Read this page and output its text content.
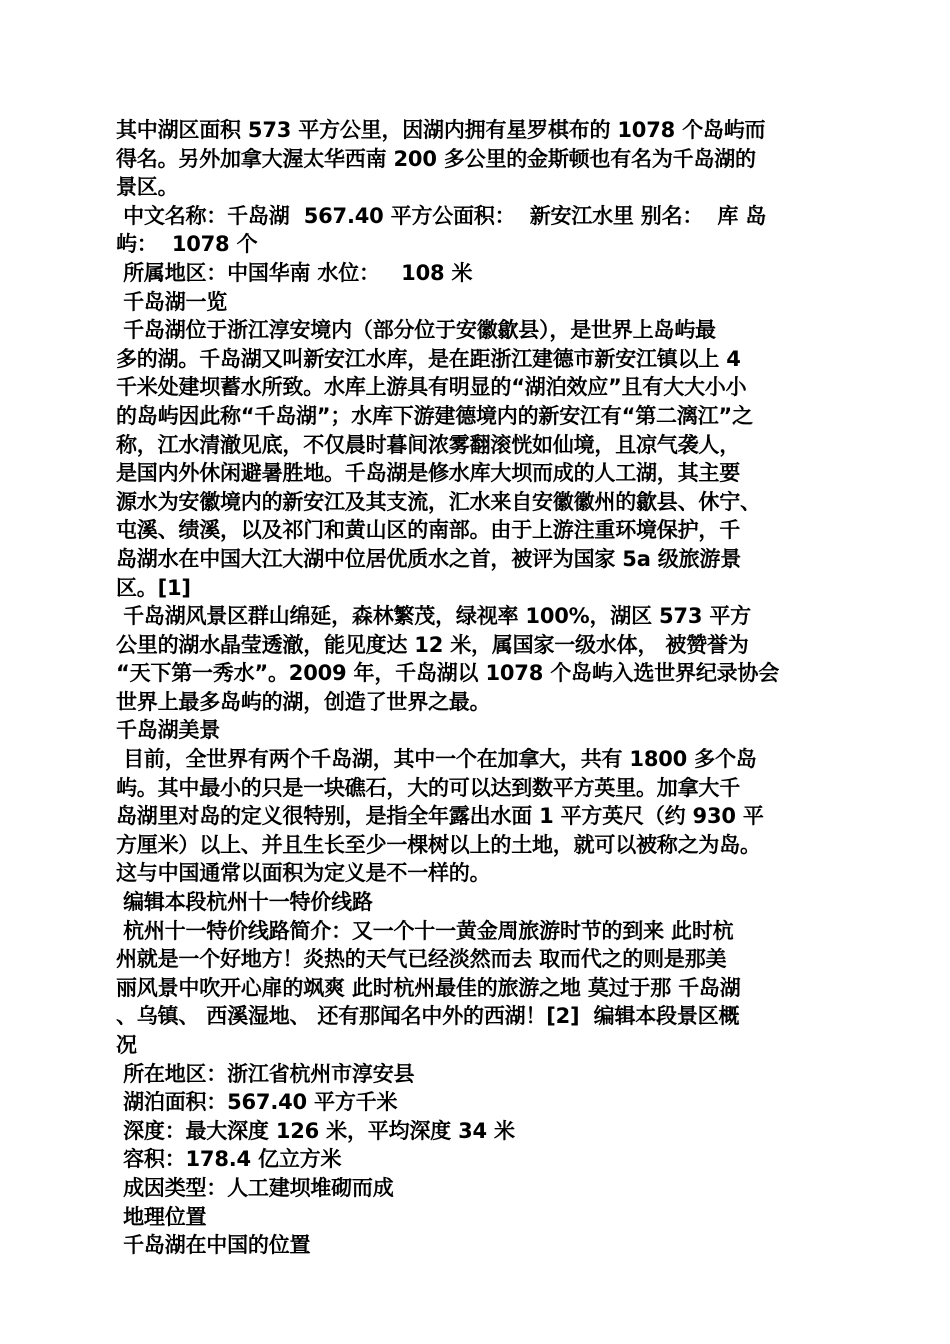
其中湖区面积 573 平方公里，因湖内拥有星罗棋布的 1078 个岛屿而
得名。另外加拿大渥太华西南 200 多公里的金斯顿也有名为千岛湖的
景区。
中文名称：千岛湖  567.40 平方公面积：  新安江水里 别名：  库 岛
屿：  1078 个
所属地区：中国华南 水位：   108 米
千岛湖一览
千岛湖位于浙江淳安境内（部分位于安徽歙县），是世界上岛屿最
多的湖。千岛湖又叫新安江水库，是在距浙江建德市新安江镇以上 4
千米处建坝蓄水所致。水库上游具有明显的“湖泊效应”且有大大小小
的岛屿因此称“千岛湖”；水库下游建德境内的新安江有“第二漓江”之
称，江水清澈见底，不仅晨时暮间浓雾翻滚恍如仙境，且凉气袭人，
是国内外休闲避暑胜地。千岛湖是修水库大坝而成的人工湖，其主要
源水为安徽境内的新安江及其支流，汇水来自安徽徽州的歙县、休宁、
屯溪、绩溪，以及祁门和黄山区的南部。由于上游注重环境保护，千
岛湖水在中国大江大湖中位居优质水之首，被评为国家 5a 级旅游景
区。[1]
千岛湖风景区群山绵延，森林繁茂，绿视率 100%，湖区 573 平方
公里的湖水晶莹透澈，能见度达 12 米，属国家一级水体， 被赞誉为
“天下第一秀水”。2009 年，千岛湖以 1078 个岛屿入选世界纪录协会
世界上最多岛屿的湖，创造了世界之最。
千岛湖美景
目前，全世界有两个千岛湖，其中一个在加拿大，共有 1800 多个岛
屿。其中最小的只是一块礁石，大的可以达到数平方英里。加拿大千
岛湖里对岛的定义很特别，是指全年露出水面 1 平方英尺（约 930 平
方厘米）以上、并且生长至少一棵树以上的土地，就可以被称之为岛。
这与中国通常以面积为定义是不一样的。
编辑本段杭州十一特价线路
杭州十一特价线路简介：又一个十一黄金周旅游时节的到来 此时杭
州就是一个好地方！炎热的天气已经淡然而去 取而代之的则是那美
丽风景中吹开心扉的飒爽 此时杭州最佳的旅游之地 莫过于那 千岛湖
、乌镇、 西溪湿地、 还有那闻名中外的西湖！[2]  编辑本段景区概
况
所在地区：浙江省杭州市淳安县
湖泊面积：567.40 平方千米
深度：最大深度 126 米，平均深度 34 米
容积：178.4 亿立方米
成因类型：人工建坝堆砌而成
地理位置
千岛湖在中国的位置
